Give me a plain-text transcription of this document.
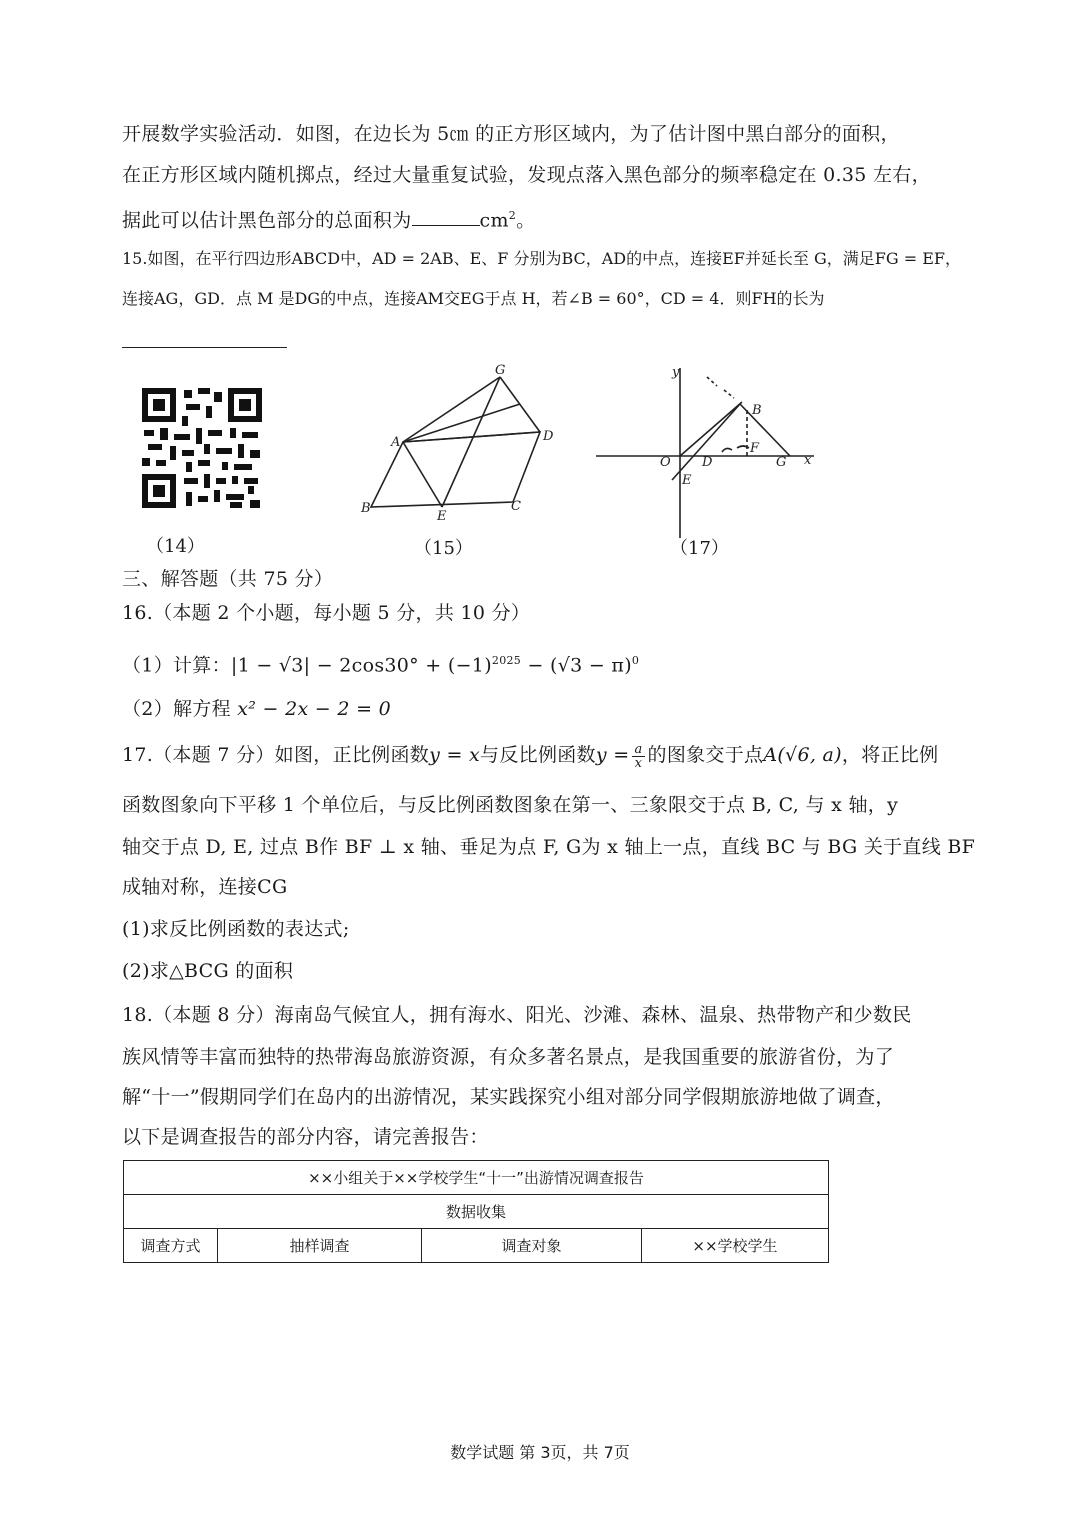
开展数学实验活动．如图，在边长为 5㎝ 的正方形区域内，为了估计图中黑白部分的面积，
在正方形区域内随机掷点，经过大量重复试验，发现点落入黑色部分的频率稳定在 0.35 左右，
据此可以估计黑色部分的总面积为	$cm^2$。
15.如图，在平行四边形ABCD中，AD = 2AB、E、F 分别为BC，AD的中点，连接EF并延长至 G，满足FG = EF，
连接AG，GD．点 M 是DG的中点，连接AM交EG于点 H，若∠B = 60°，CD = 4．则FH的长为
（14）
G
A	D
B
E
C
（15）
y
x
O D
E
B
G
F
（17）
三、解答题（共 75 分）
16.（本题 2 个小题，每小题 5 分，共 10 分）
（1）计算：$|1 - √3| - 2\cos 30^\circ + (-1)^{2025} - (√3 - \pi)^0$
（2）解方程 x² − 2x − 2 = 0
17.（本题 7 分）如图，正比例函数y = x与反比例函数$y = \frac{a}{x}$ 的图象交于点A(√6, a)，将正比例
函数图象向下平移 1 个单位后，与反比例函数图象在第一、三象限交于点 B, C, 与 x 轴，y
轴交于点 D, E, 过点 B作 BF ⊥ x 轴、垂足为点 F, G为 x 轴上一点，直线 BC 与 BG 关于直线 BF
成轴对称，连接CG
(1)求反比例函数的表达式;
(2)求△BCG 的面积
18.（本题 8 分）海南岛气候宜人，拥有海水、阳光、沙滩、森林、温泉、热带物产和少数民
族风情等丰富而独特的热带海岛旅游资源，有众多著名景点，是我国重要的旅游省份，为了
解“十一”假期同学们在岛内的出游情况，某实践探究小组对部分同学假期旅游地做了调查，
以下是调查报告的部分内容，请完善报告：
××小组关于××学校学生“十一”出游情况调查报告
数据收集
调查方式	抽样调查	调查对象	××学校学生
数学试题 第 3页，共 7页
